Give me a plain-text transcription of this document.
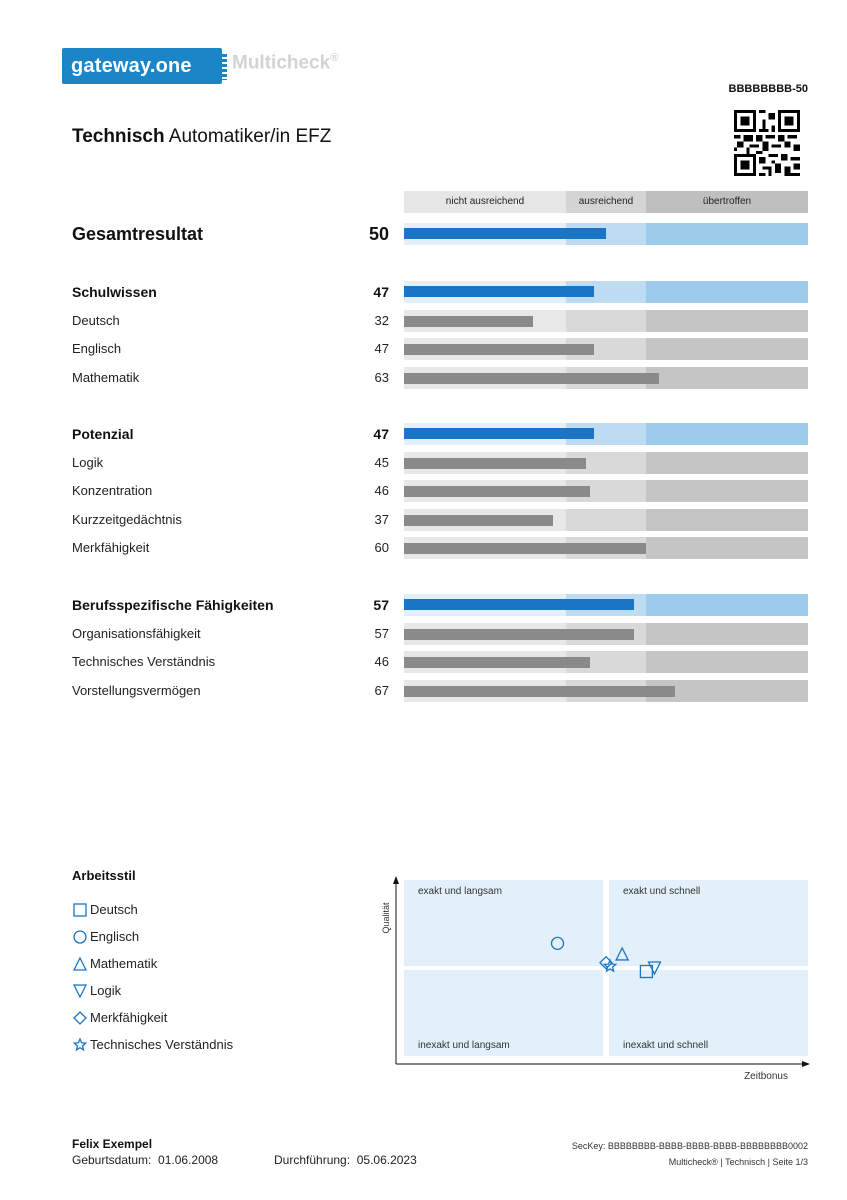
gateway.one	Multicheck®
BBBBBBBB-50
Technisch Automatiker/in EFZ
nicht ausreichend	ausreichend	übertroffen
Gesamtresultat	50
Schulwissen	47
Deutsch	32
Englisch	47
Mathematik	63
Potenzial	47
Logik	45
Konzentration	46
Kurzzeitgedächtnis	37
Merkfähigkeit	60
Berufsspezifische Fähigkeiten	57
Organisationsfähigkeit	57
Technisches Verständnis	46
Vorstellungsvermögen	67
Arbeitsstil
Deutsch
Englisch
Mathematik
Logik
Merkfähigkeit
Technisches Verständnis
exakt und langsam	exakt und schnell
inexakt und langsam	inexakt und schnell
Zeitbonus
Qualität
Felix Exempel
Geburtsdatum: 01.06.2008	Durchführung: 05.06.2023
SecKey: BBBBBBBB-BBBB-BBBB-BBBB-BBBBBBBB0002
Multicheck® | Technisch | Seite 1/3
